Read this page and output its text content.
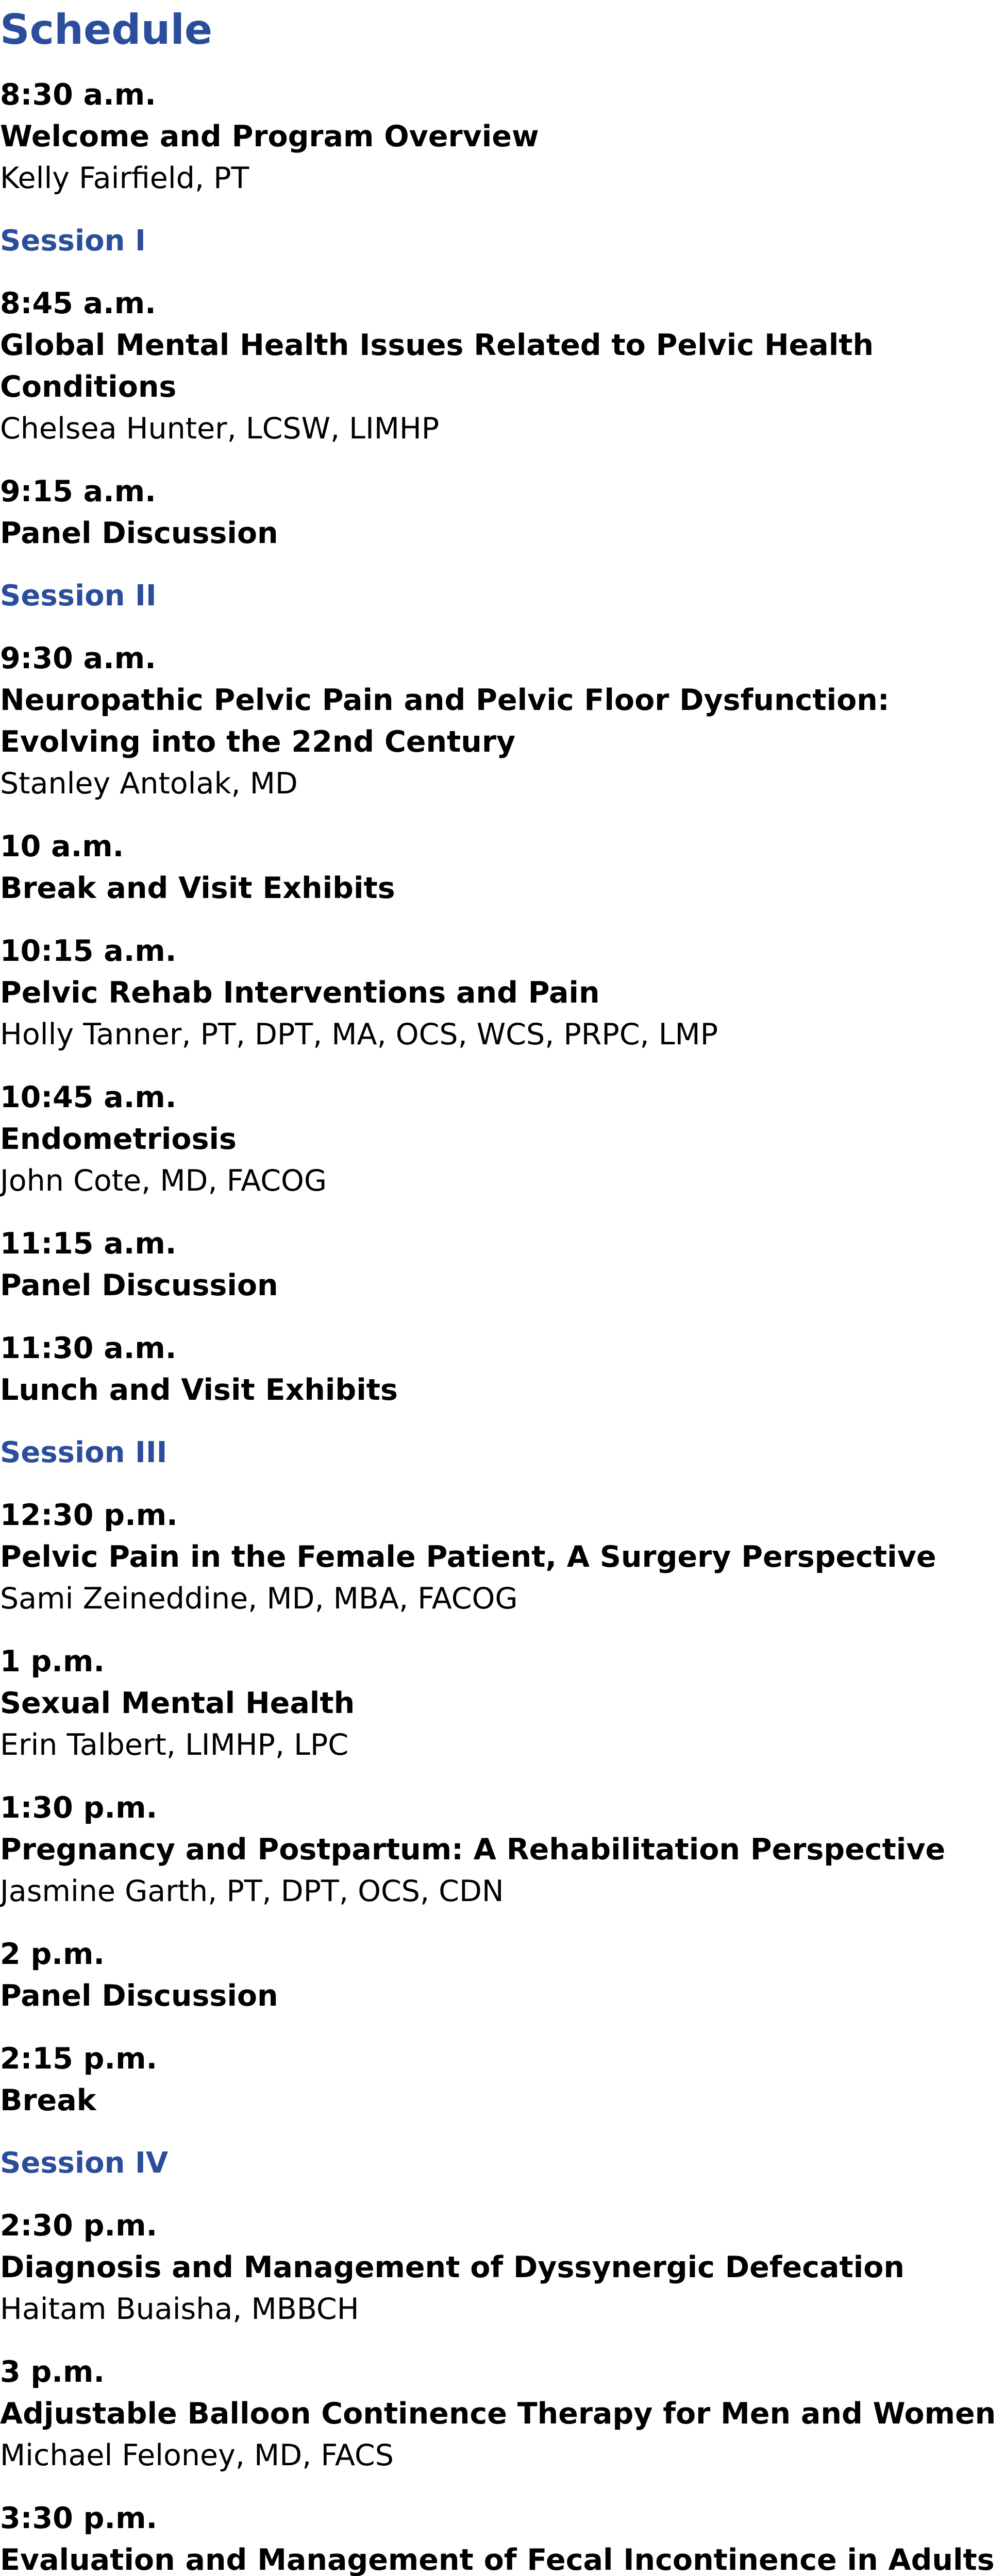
Schedule
8:30 a.m.
Welcome and Program Overview
Kelly Fairfield, PT
Session I
8:45 a.m.
Global Mental Health Issues Related to Pelvic Health Conditions
Chelsea Hunter, LCSW, LIMHP
9:15 a.m.
Panel Discussion
Session II
9:30 a.m.
Neuropathic Pelvic Pain and Pelvic Floor Dysfunction: Evolving into the 22nd Century
Stanley Antolak, MD
10 a.m.
Break and Visit Exhibits
10:15 a.m.
Pelvic Rehab Interventions and Pain
Holly Tanner, PT, DPT, MA, OCS, WCS, PRPC, LMP
10:45 a.m.
Endometriosis
John Cote, MD, FACOG
11:15 a.m.
Panel Discussion
11:30 a.m.
Lunch and Visit Exhibits
Session III
12:30 p.m.
Pelvic Pain in the Female Patient, A Surgery Perspective
Sami Zeineddine, MD, MBA, FACOG
1 p.m.
Sexual Mental Health
Erin Talbert, LIMHP, LPC
1:30 p.m.
Pregnancy and Postpartum: A Rehabilitation Perspective
Jasmine Garth, PT, DPT, OCS, CDN
2 p.m.
Panel Discussion
2:15 p.m.
Break
Session IV
2:30 p.m.
Diagnosis and Management of Dyssynergic Defecation
Haitam Buaisha, MBBCH
3 p.m.
Adjustable Balloon Continence Therapy for Men and Women
Michael Feloney, MD, FACS
3:30 p.m.
Evaluation and Management of Fecal Incontinence in Adults
